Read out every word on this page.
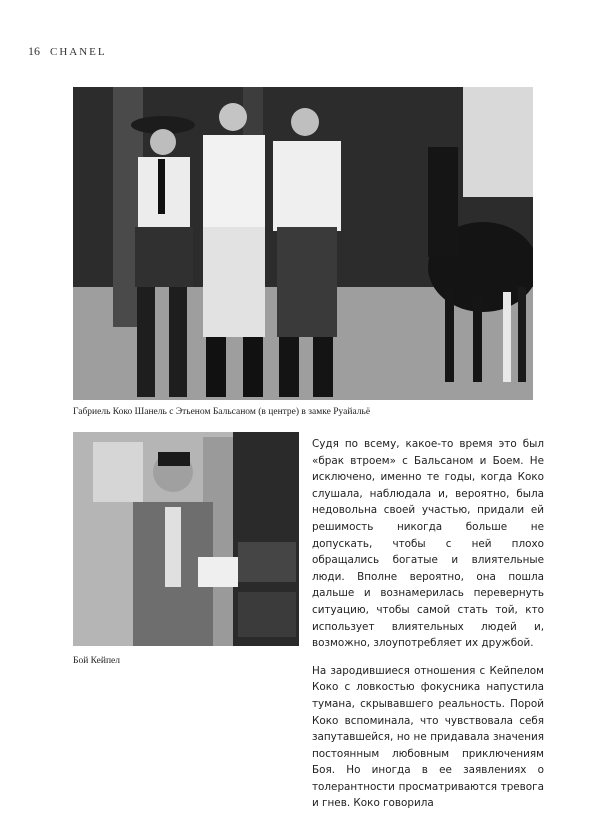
16 CHANEL
Габриель Коко Шанель с Этьеном Бальсаном (в центре) в замке Руайальё
Бой Кейпел

Судя по всему, какое-то время это был «брак втроем» с Бальсаном и Боем. Не исключено, именно те годы, когда Коко слушала, наблюдала и, вероятно, была недовольна своей участью, придали ей решимость никогда больше не допускать, чтобы с ней плохо обращались богатые и влиятельные люди. Вполне вероятно, она пошла дальше и вознамерилась перевернуть ситуацию, чтобы самой стать той, кто использует влиятельных людей и, возможно, злоупотребляет их дружбой.

На зародившиеся отношения с Кейпелом Коко с ловкостью фокусника напустила тумана, скрывавшего реальность. Порой Коко вспоминала, что чувствовала себя запутавшейся, но не придавала значения постоянным любовным приключениям Боя. Но иногда в ее заявлениях о толерантности просматриваются тревога и гнев. Коко говорила
